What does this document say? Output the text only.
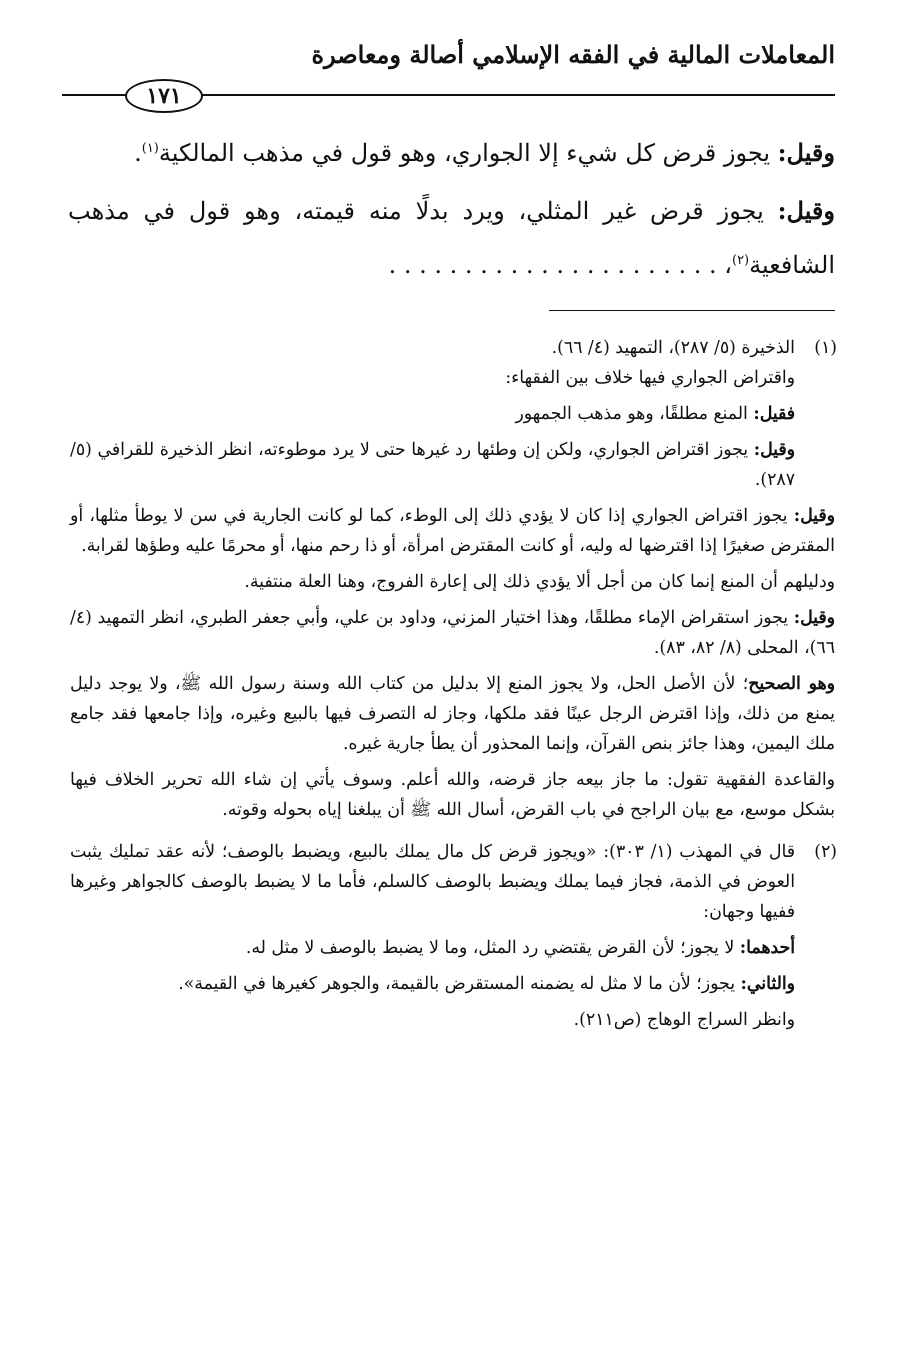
المعاملات المالية في الفقه الإسلامي أصالة ومعاصرة
١٧١

وقيل: يجوز قرض كل شيء إلا الجواري، وهو قول في مذهب المالكية$^{(١)}$.

وقيل: يجوز قرض غير المثلي، ويرد بدلًا منه قيمته، وهو قول في مذهب الشافعية$^{(٢)}$، . . . . . . . . . . . . . . . . . . . . . .

(١)

الذخيرة (٥/ ٢٨٧)، التمهيد (٤/ ٦٦).

واقتراض الجواري فيها خلاف بين الفقهاء:

فقيل: المنع مطلقًا، وهو مذهب الجمهور

وقيل: يجوز اقتراض الجواري، ولكن إن وطئها رد غيرها حتى لا يرد موطوءته، انظر الذخيرة للقرافي (٥/ ٢٨٧).

وقيل: يجوز اقتراض الجواري إذا كان لا يؤدي ذلك إلى الوطء، كما لو كانت الجارية في سن لا يوطأ مثلها، أو المقترض صغيرًا إذا اقترضها له وليه، أو كانت المقترض امرأة، أو ذا رحم منها، أو محرمًا عليه وطؤها لقرابة.

ودليلهم أن المنع إنما كان من أجل ألا يؤدي ذلك إلى إعارة الفروج، وهنا العلة منتفية.

وقيل: يجوز استقراض الإماء مطلقًا، وهذا اختيار المزني، وداود بن علي، وأبي جعفر الطبري، انظر التمهيد (٤/ ٦٦)، المحلى (٨/ ٨٢، ٨٣).

وهو الصحيح؛ لأن الأصل الحل، ولا يجوز المنع إلا بدليل من كتاب الله وسنة رسول الله ﷺ، ولا يوجد دليل يمنع من ذلك، وإذا اقترض الرجل عينًا فقد ملكها، وجاز له التصرف فيها بالبيع وغيره، وإذا جامعها فقد جامع ملك اليمين، وهذا جائز بنص القرآن، وإنما المحذور أن يطأ جارية غيره.

والقاعدة الفقهية تقول: ما جاز بيعه جاز قرضه، والله أعلم. وسوف يأتي إن شاء الله تحرير الخلاف فيها بشكل موسع، مع بيان الراجح في باب القرض، أسال الله ﷺ أن يبلغنا إياه بحوله وقوته.

(٢)

قال في المهذب (١/ ٣٠٣): «ويجوز قرض كل مال يملك بالبيع، ويضبط بالوصف؛ لأنه عقد تمليك يثبت العوض في الذمة، فجاز فيما يملك ويضبط بالوصف كالسلم، فأما ما لا يضبط بالوصف كالجواهر وغيرها ففيها وجهان:

أحدهما: لا يجوز؛ لأن القرض يقتضي رد المثل، وما لا يضبط بالوصف لا مثل له.

والثاني: يجوز؛ لأن ما لا مثل له يضمنه المستقرض بالقيمة، والجوهر كغيرها في القيمة».

وانظر السراج الوهاج (ص٢١١).
